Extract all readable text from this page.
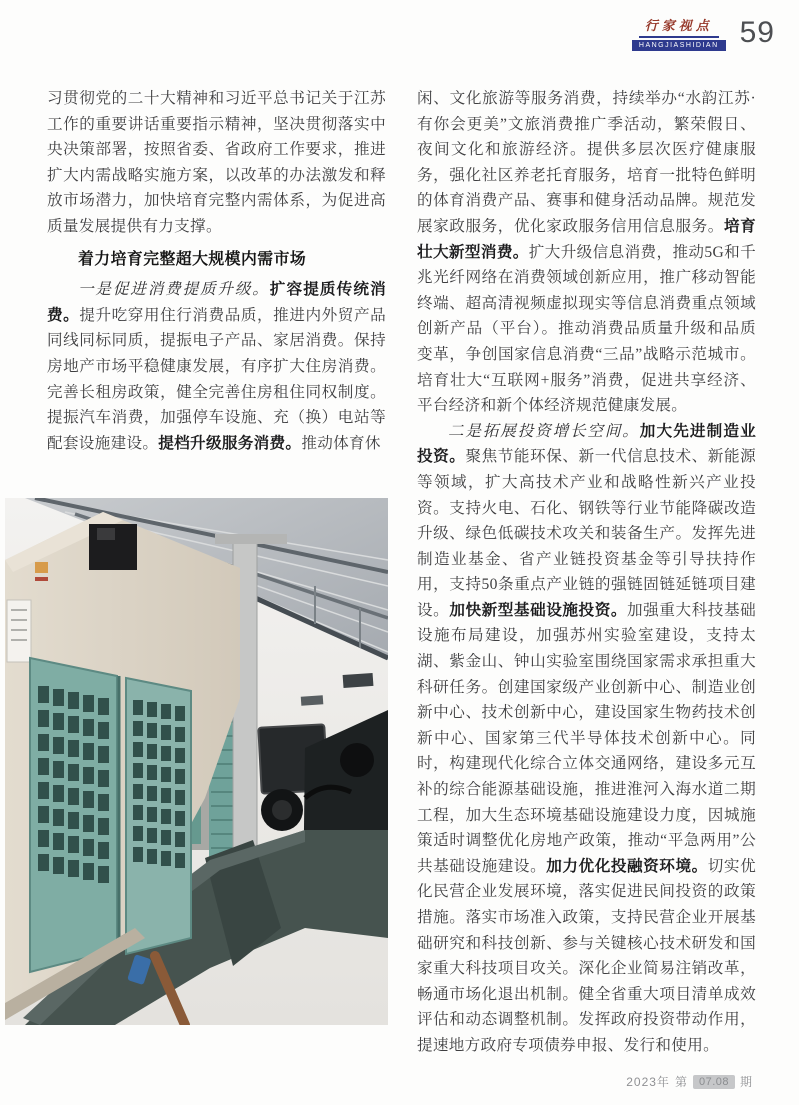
行家视点
HANGJIASHIDIAN 59

习贯彻党的二十大精神和习近平总书记关于江苏工作的重要讲话重要指示精神，坚决贯彻落实中央决策部署，按照省委、省政府工作要求，推进扩大内需战略实施方案，以改革的办法激发和释放市场潜力，加快培育完整内需体系，为促进高质量发展提供有力支撑。

着力培育完整超大规模内需市场

一是促进消费提质升级。扩容提质传统消费。提升吃穿用住行消费品质，推进内外贸产品同线同标同质，提振电子产品、家居消费。保持房地产市场平稳健康发展，有序扩大住房消费。完善长租房政策，健全完善住房租住同权制度。提振汽车消费，加强停车设施、充（换）电站等配套设施建设。提档升级服务消费。推动体育休

闲、文化旅游等服务消费，持续举办“水韵江苏·有你会更美”文旅消费推广季活动，繁荣假日、夜间文化和旅游经济。提供多层次医疗健康服务，强化社区养老托育服务，培育一批特色鲜明的体育消费产品、赛事和健身活动品牌。规范发展家政服务，优化家政服务信用信息服务。培育壮大新型消费。扩大升级信息消费，推动5G和千兆光纤网络在消费领域创新应用，推广移动智能终端、超高清视频虚拟现实等信息消费重点领域创新产品（平台）。推动消费品质量升级和品质变革，争创国家信息消费“三品”战略示范城市。培育壮大“互联网+服务”消费，促进共享经济、平台经济和新个体经济规范健康发展。

二是拓展投资增长空间。加大先进制造业投资。聚焦节能环保、新一代信息技术、新能源等领域，扩大高技术产业和战略性新兴产业投资。支持火电、石化、钢铁等行业节能降碳改造升级、绿色低碳技术攻关和装备生产。发挥先进制造业基金、省产业链投资基金等引导扶持作用，支持50条重点产业链的强链固链延链项目建设。加快新型基础设施投资。加强重大科技基础设施布局建设，加强苏州实验室建设，支持太湖、紫金山、钟山实验室围绕国家需求承担重大科研任务。创建国家级产业创新中心、制造业创新中心、技术创新中心，建设国家生物药技术创新中心、国家第三代半导体技术创新中心。同时，构建现代化综合立体交通网络，建设多元互补的综合能源基础设施，推进淮河入海水道二期工程，加大生态环境基础设施建设力度，因城施策适时调整优化房地产政策，推动“平急两用”公共基础设施建设。加力优化投融资环境。切实优化民营企业发展环境，落实促进民间投资的政策措施。落实市场准入政策，支持民营企业开展基础研究和科技创新、参与关键核心技术研发和国家重大科技项目攻关。深化企业简易注销改革，畅通市场化退出机制。健全省重大项目清单成效评估和动态调整机制。发挥政府投资带动作用，提速地方政府专项债券申报、发行和使用。

2023年 第	07.08 期
